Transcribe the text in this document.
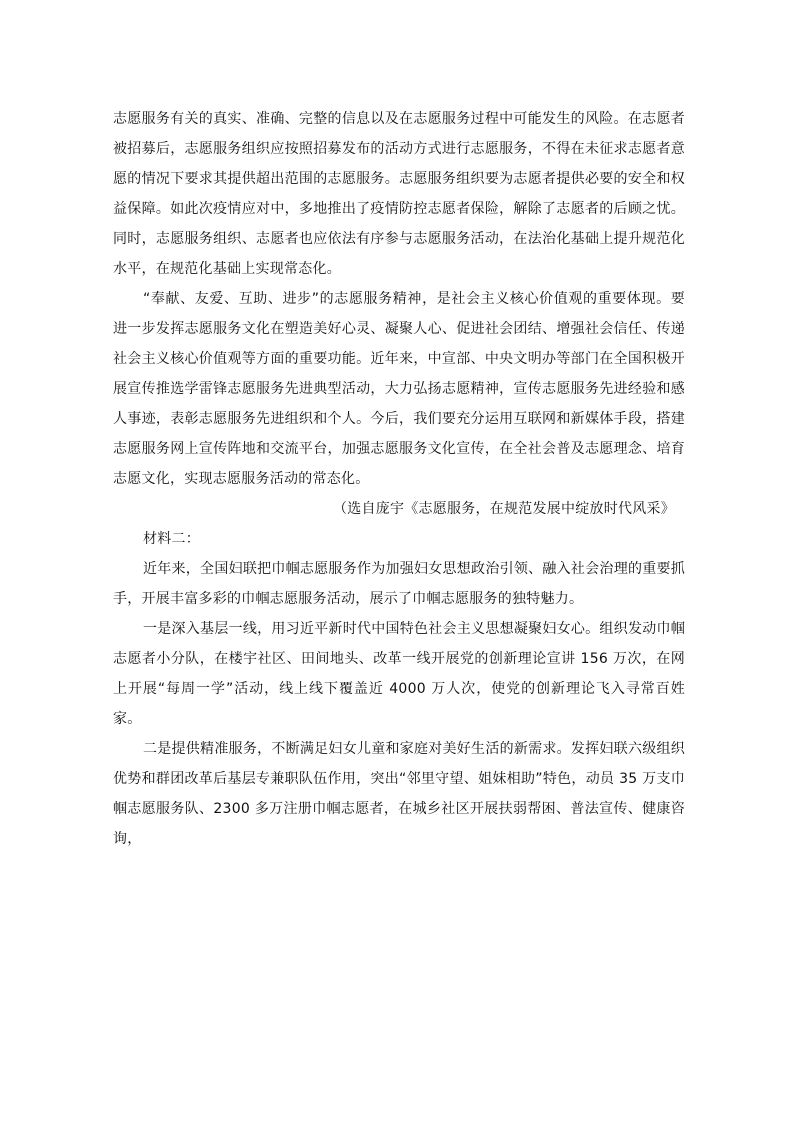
志愿服务有关的真实、准确、完整的信息以及在志愿服务过程中可能发生的风险。在志愿者被招募后，志愿服务组织应按照招募发布的活动方式进行志愿服务，不得在未征求志愿者意愿的情况下要求其提供超出范围的志愿服务。志愿服务组织要为志愿者提供必要的安全和权益保障。如此次疫情应对中，多地推出了疫情防控志愿者保险，解除了志愿者的后顾之忧。同时，志愿服务组织、志愿者也应依法有序参与志愿服务活动，在法治化基础上提升规范化水平，在规范化基础上实现常态化。

“奉献、友爱、互助、进步”的志愿服务精神，是社会主义核心价值观的重要体现。要进一步发挥志愿服务文化在塑造美好心灵、凝聚人心、促进社会团结、增强社会信任、传递社会主义核心价值观等方面的重要功能。近年来，中宣部、中央文明办等部门在全国积极开展宣传推选学雷锋志愿服务先进典型活动，大力弘扬志愿精神，宣传志愿服务先进经验和感人事迹，表彰志愿服务先进组织和个人。今后，我们要充分运用互联网和新媒体手段，搭建志愿服务网上宣传阵地和交流平台，加强志愿服务文化宣传，在全社会普及志愿理念、培育志愿文化，实现志愿服务活动的常态化。

（选自庞宇《志愿服务，在规范发展中绽放时代风采》

材料二：

近年来，全国妇联把巾帼志愿服务作为加强妇女思想政治引领、融入社会治理的重要抓手，开展丰富多彩的巾帼志愿服务活动，展示了巾帼志愿服务的独特魅力。

一是深入基层一线，用习近平新时代中国特色社会主义思想凝聚妇女心。组织发动巾帼志愿者小分队，在楼宇社区、田间地头、改革一线开展党的创新理论宣讲 156 万次，在网上开展“每周一学”活动，线上线下覆盖近 4000 万人次，使党的创新理论飞入寻常百姓家。

二是提供精准服务，不断满足妇女儿童和家庭对美好生活的新需求。发挥妇联六级组织优势和群团改革后基层专兼职队伍作用，突出“邻里守望、姐妹相助”特色，动员 35 万支巾帼志愿服务队、2300 多万注册巾帼志愿者，在城乡社区开展扶弱帮困、普法宣传、健康咨询，
